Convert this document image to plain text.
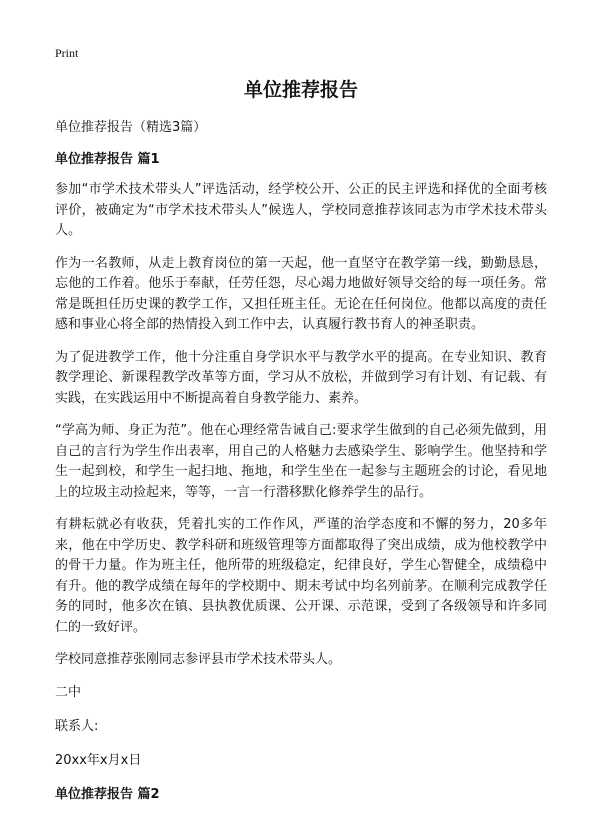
Print
单位推荐报告
单位推荐报告（精选3篇）
单位推荐报告 篇1

参加“市学术技术带头人”评选活动，经学校公开、公正的民主评选和择优的全面考核评价，被确定为“市学术技术带头人”候选人，学校同意推荐该同志为市学术技术带头人。

作为一名教师，从走上教育岗位的第一天起，他一直坚守在教学第一线，勤勤恳恳，忘他的工作着。他乐于奉献，任劳任怨，尽心竭力地做好领导交给的每一项任务。常常是既担任历史课的教学工作，又担任班主任。无论在任何岗位。他都以高度的责任感和事业心将全部的热情投入到工作中去，认真履行教书育人的神圣职责。

为了促进教学工作，他十分注重自身学识水平与教学水平的提高。在专业知识、教育教学理论、新课程教学改革等方面，学习从不放松，并做到学习有计划、有记载、有实践，在实践运用中不断提高着自身教学能力、素养。

“学高为师、身正为范”。他在心理经常告诫自己:要求学生做到的自己必须先做到，用自己的言行为学生作出表率，用自己的人格魅力去感染学生、影响学生。他坚持和学生一起到校，和学生一起扫地、拖地，和学生坐在一起参与主题班会的讨论，看见地上的垃圾主动捡起来，等等，一言一行潜移默化修养学生的品行。

有耕耘就必有收获，凭着扎实的工作作风，严谨的治学态度和不懈的努力，20多年来，他在中学历史、教学科研和班级管理等方面都取得了突出成绩，成为他校教学中的骨干力量。作为班主任，他所带的班级稳定，纪律良好，学生心智健全，成绩稳中有升。他的教学成绩在每年的学校期中、期末考试中均名列前茅。在顺利完成教学任务的同时，他多次在镇、县执教优质课、公开课、示范课，受到了各级领导和许多同仁的一致好评。

学校同意推荐张刚同志参评县市学术技术带头人。

二中
联系人:
20xx年x月x日
单位推荐报告 篇2
